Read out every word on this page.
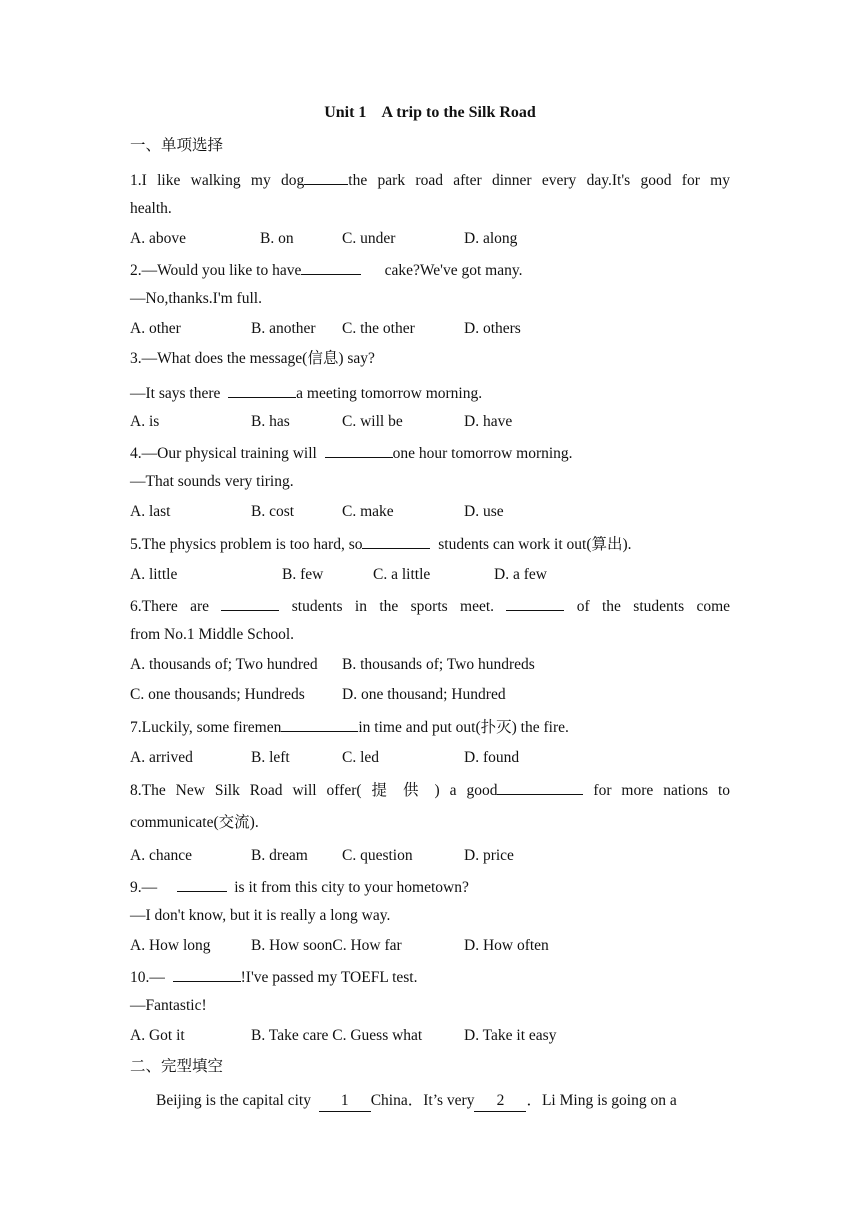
Unit 1    A trip to the Silk Road
一、单项选择
1.I like walking my dog	the park road after dinner every day.It's good for my
health.
A. above	B. on	C. under	D. along
2.—Would you like to have	cake?We've got many.
—No,thanks.I'm full.
A. other	B. another C. the other	D. others
3.—What does the message(信息) say?
—It says there	a meeting tomorrow morning.
A. is	B. has	C. will be	D. have
4.—Our physical training will	one hour tomorrow morning.
—That sounds very tiring.
A. last	B. cost	C. make	D. use
5.The physics problem is too hard, so	students can work it out(算出).
A. little	B. few	C. a little	D. a few
6.There are	students in the sports meet.	of the students come
from No.1 Middle School.
A. thousands of; Two hundred B. thousands of; Two hundreds
C. one thousands; Hundreds D. one thousand; Hundred
7.Luckily, some firemen	in time and put out(扑灭) the fire.
A. arrived	B. left	C. led	D. found
8.The New Silk Road will offer( 提 供 ) a good	for more nations to
communicate(交流).
A. chance	B. dream C. question	D. price
9.—	is it from this city to your hometown?
—I don't know, but it is really a long way.
A. How long	B. How soonC. How far	D. How often
10.—	!I've passed my TOEFL test.
—Fantastic!
A. Got it	B. Take care C. Guess what	D. Take it easy
二、完型填空
Beijing is the capital city 1 China．It’s very 2 ．Li Ming is going on a
